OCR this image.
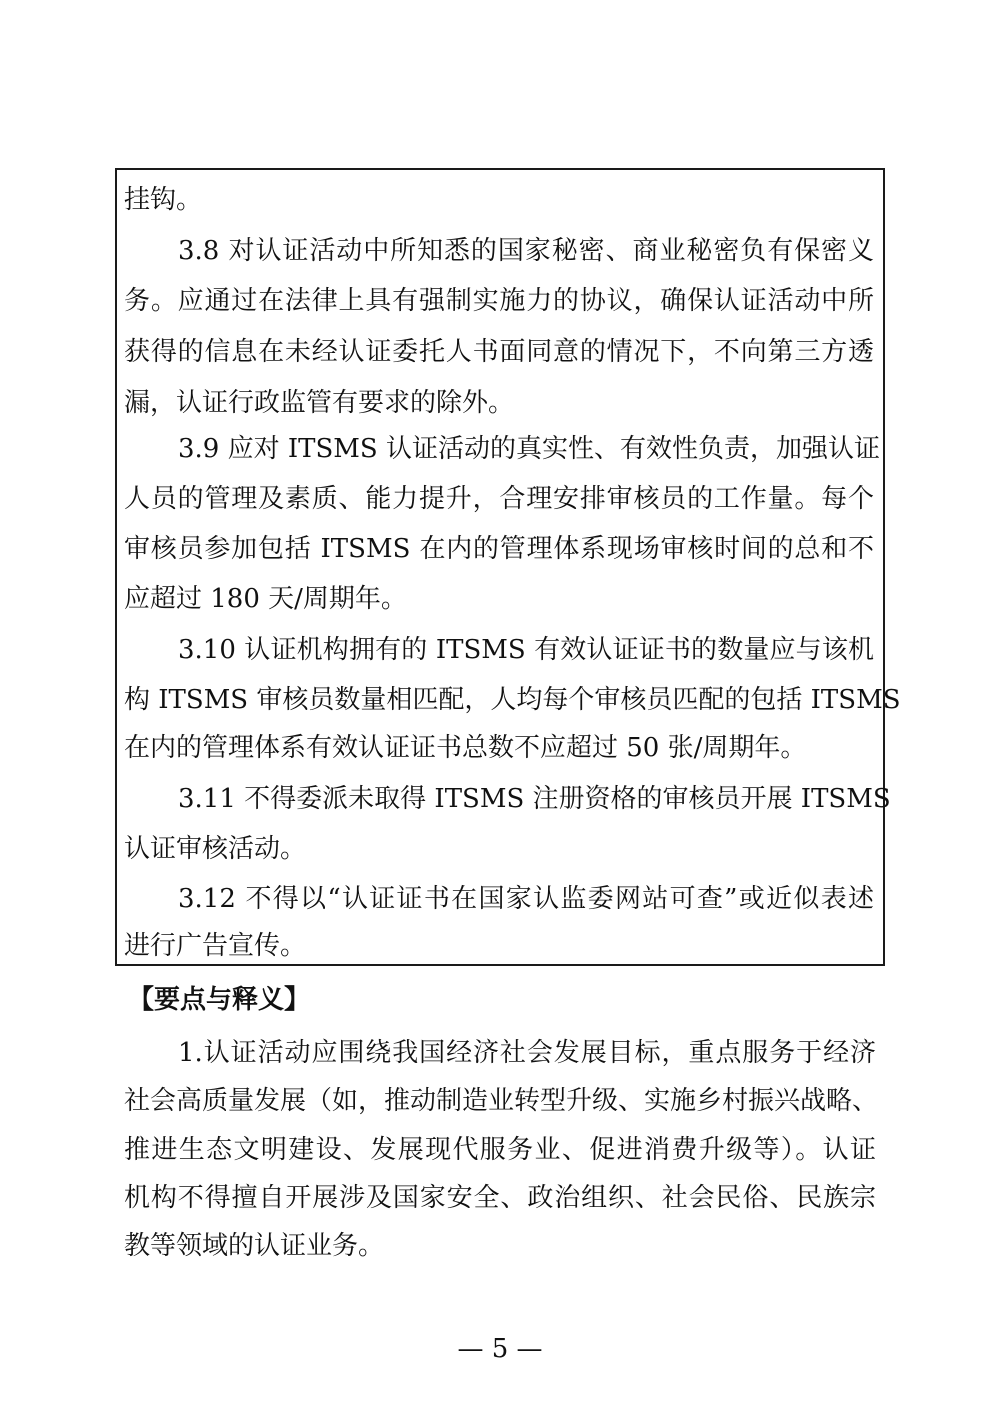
挂钩。
3.8 对认证活动中所知悉的国家秘密、商业秘密负有保密义
务。应通过在法律上具有强制实施力的协议，确保认证活动中所
获得的信息在未经认证委托人书面同意的情况下，不向第三方透
漏，认证行政监管有要求的除外。
3.9 应对 ITSMS 认证活动的真实性、有效性负责，加强认证
人员的管理及素质、能力提升，合理安排审核员的工作量。每个
审核员参加包括 ITSMS 在内的管理体系现场审核时间的总和不
应超过 180 天/周期年。
3.10 认证机构拥有的 ITSMS 有效认证证书的数量应与该机
构 ITSMS 审核员数量相匹配，人均每个审核员匹配的包括 ITSMS
在内的管理体系有效认证证书总数不应超过 50 张/周期年。
3.11 不得委派未取得 ITSMS 注册资格的审核员开展 ITSMS
认证审核活动。
3.12 不得以“认证证书在国家认监委网站可查”或近似表述
进行广告宣传。
【要点与释义】
1.认证活动应围绕我国经济社会发展目标，重点服务于经济
社会高质量发展（如，推动制造业转型升级、实施乡村振兴战略、
推进生态文明建设、发展现代服务业、促进消费升级等）。认证
机构不得擅自开展涉及国家安全、政治组织、社会民俗、民族宗
教等领域的认证业务。
— 5 —
